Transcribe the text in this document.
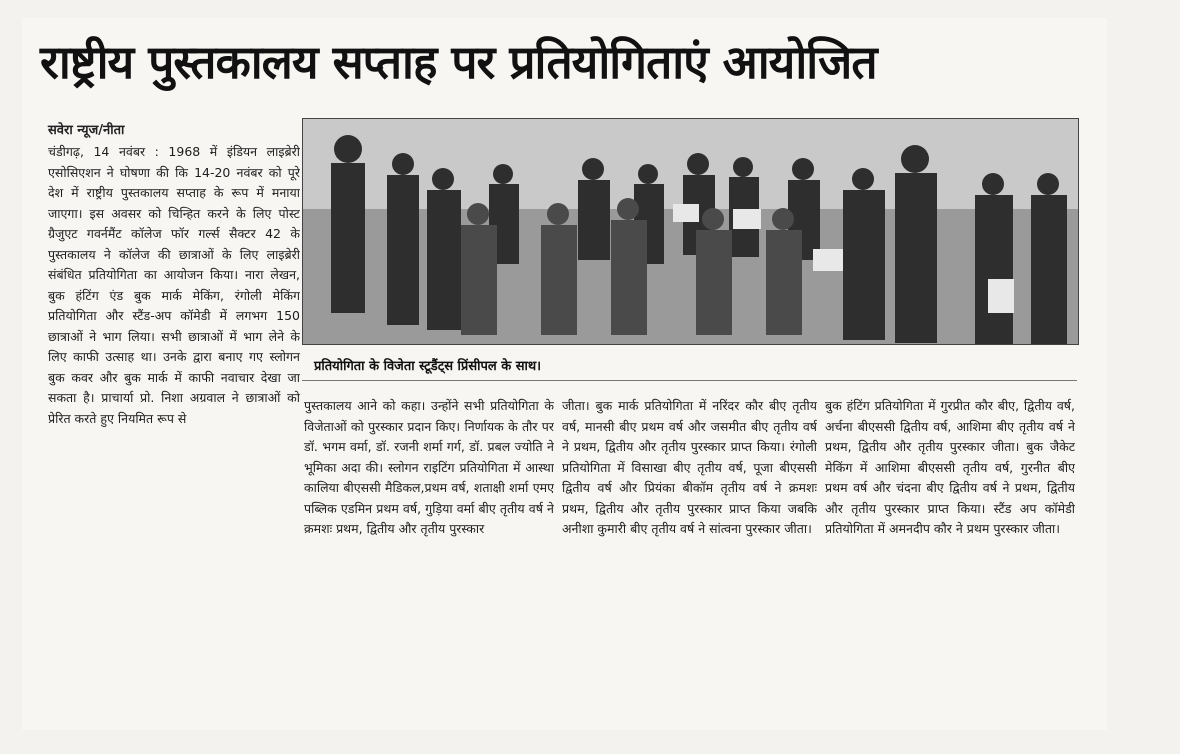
राष्ट्रीय पुस्तकालय सप्ताह पर प्रतियोगिताएं आयोजित
सवेरा न्यूज/नीता
चंडीगढ़, 14 नवंबर : 1968 में इंडियन लाइब्रेरी एसोसिएशन ने घोषणा की कि 14-20 नवंबर को पूरे देश में राष्ट्रीय पुस्तकालय सप्ताह के रूप में मनाया जाएगा। इस अवसर को चिन्हित करने के लिए पोस्ट ग्रैजुएट गवर्नमैंट कॉलेज फॉर गर्ल्स सैक्टर 42 के पुस्तकालय ने कॉलेज की छात्राओं के लिए लाइब्रेरी संबंधित प्रतियोगिता का आयोजन किया। नारा लेखन, बुक हंटिंग एंड बुक मार्क मेकिंग, रंगोली मेकिंग प्रतियोगिता और स्टैंड-अप कॉमेडी में लगभग 150 छात्राओं ने भाग लिया। सभी छात्राओं में भाग लेने के लिए काफी उत्साह था। उनके द्वारा बनाए गए स्लोगन बुक कवर और बुक मार्क में काफी नवाचार देखा जा सकता है। प्राचार्या प्रो. निशा अग्रवाल ने छात्राओं को प्रेरित करते हुए नियमित रूप से
प्रतियोगिता के विजेता स्टूडैंट्स प्रिंसीपल के साथ।
पुस्तकालय आने को कहा। उन्होंने सभी प्रतियोगिता के विजेताओं को पुरस्कार प्रदान किए। निर्णायक के तौर पर डॉ. भगम वर्मा, डॉ. रजनी शर्मा गर्ग, डॉ. प्रबल ज्योति ने भूमिका अदा की। स्लोगन राइटिंग प्रतियोगिता में आस्था कालिया बीएससी मैडिकल,प्रथम वर्ष, शताक्षी शर्मा एमए पब्लिक एडमिन प्रथम वर्ष, गुड़िया वर्मा बीए तृतीय वर्ष ने क्रमशः प्रथम, द्वितीय और तृतीय पुरस्कार
जीता। बुक मार्क प्रतियोगिता में नरिंदर कौर बीए तृतीय वर्ष, मानसी बीए प्रथम वर्ष और जसमीत बीए तृतीय वर्ष ने प्रथम, द्वितीय और तृतीय पुरस्कार प्राप्त किया। रंगोली प्रतियोगिता में विसाखा बीए तृतीय वर्ष, पूजा बीएससी द्वितीय वर्ष और प्रियंका बीकॉम तृतीय वर्ष ने क्रमशः प्रथम, द्वितीय और तृतीय पुरस्कार प्राप्त किया जबकि अनीशा कुमारी बीए तृतीय वर्ष ने सांत्वना पुरस्कार जीता।
बुक हंटिंग प्रतियोगिता में गुरप्रीत कौर बीए, द्वितीय वर्ष, अर्चना बीएससी द्वितीय वर्ष, आशिमा बीए तृतीय वर्ष ने प्रथम, द्वितीय और तृतीय पुरस्कार जीता। बुक जैकेट मेकिंग में आशिमा बीएससी तृतीय वर्ष, गुरनीत बीए प्रथम वर्ष और चंदना बीए द्वितीय वर्ष ने प्रथम, द्वितीय और तृतीय पुरस्कार प्राप्त किया। स्टैंड अप कॉमेडी प्रतियोगिता में अमनदीप कौर ने प्रथम पुरस्कार जीता।
